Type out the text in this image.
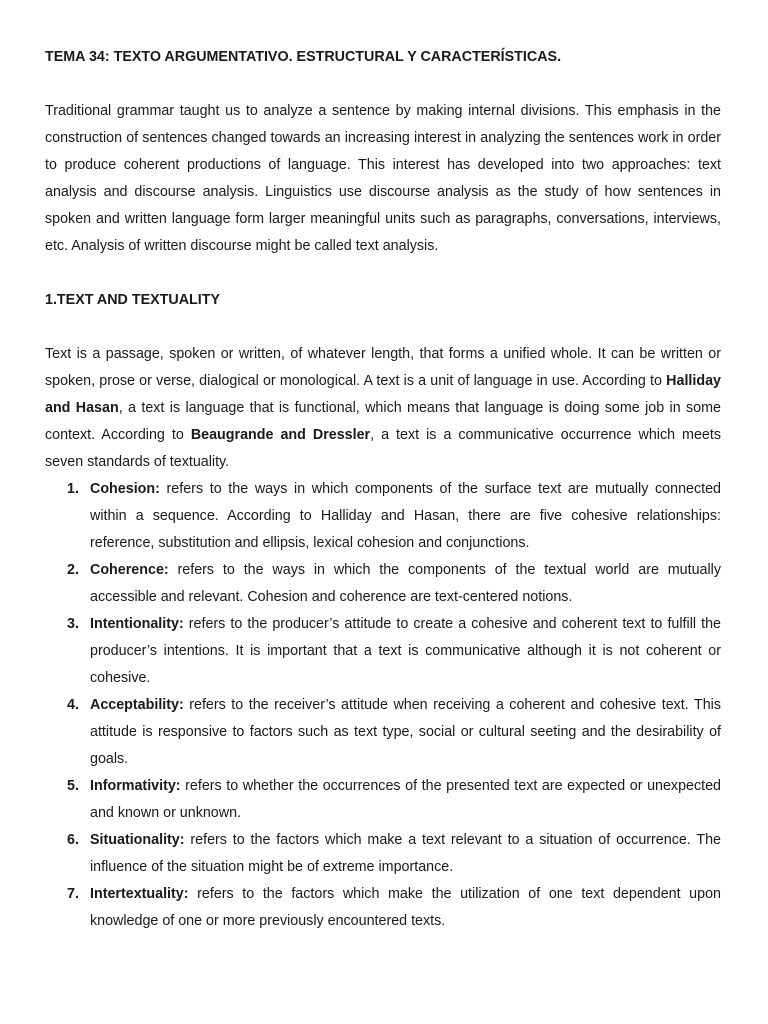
TEMA 34: TEXTO ARGUMENTATIVO. ESTRUCTURAL Y CARACTERÍSTICAS.

Traditional grammar taught us to analyze a sentence by making internal divisions. This emphasis in the construction of sentences changed towards an increasing interest in analyzing the sentences work in order to produce coherent productions of language. This interest has developed into two approaches: text analysis and discourse analysis. Linguistics use discourse analysis as the study of how sentences in spoken and written language form larger meaningful units such as paragraphs, conversations, interviews, etc. Analysis of written discourse might be called text analysis.

1.TEXT AND TEXTUALITY

Text is a passage, spoken or written, of whatever length, that forms a unified whole. It can be written or spoken, prose or verse, dialogical or monological. A text is a unit of language in use. According to Halliday and Hasan, a text is language that is functional, which means that language is doing some job in some context. According to Beaugrande and Dressler, a text is a communicative occurrence which meets seven standards of textuality.

1. Cohesion: refers to the ways in which components of the surface text are mutually connected within a sequence. According to Halliday and Hasan, there are five cohesive relationships: reference, substitution and ellipsis, lexical cohesion and conjunctions.
2. Coherence: refers to the ways in which the components of the textual world are mutually accessible and relevant. Cohesion and coherence are text-centered notions.
3. Intentionality: refers to the producer’s attitude to create a cohesive and coherent text to fulfill the producer’s intentions. It is important that a text is communicative although it is not coherent or cohesive.
4. Acceptability: refers to the receiver’s attitude when receiving a coherent and cohesive text. This attitude is responsive to factors such as text type, social or cultural seeting and the desirability of goals.
5. Informativity: refers to whether the occurrences of the presented text are expected or unexpected and known or unknown.
6. Situationality: refers to the factors which make a text relevant to a situation of occurrence. The influence of the situation might be of extreme importance.
7. Intertextuality: refers to the factors which make the utilization of one text dependent upon knowledge of one or more previously encountered texts.
